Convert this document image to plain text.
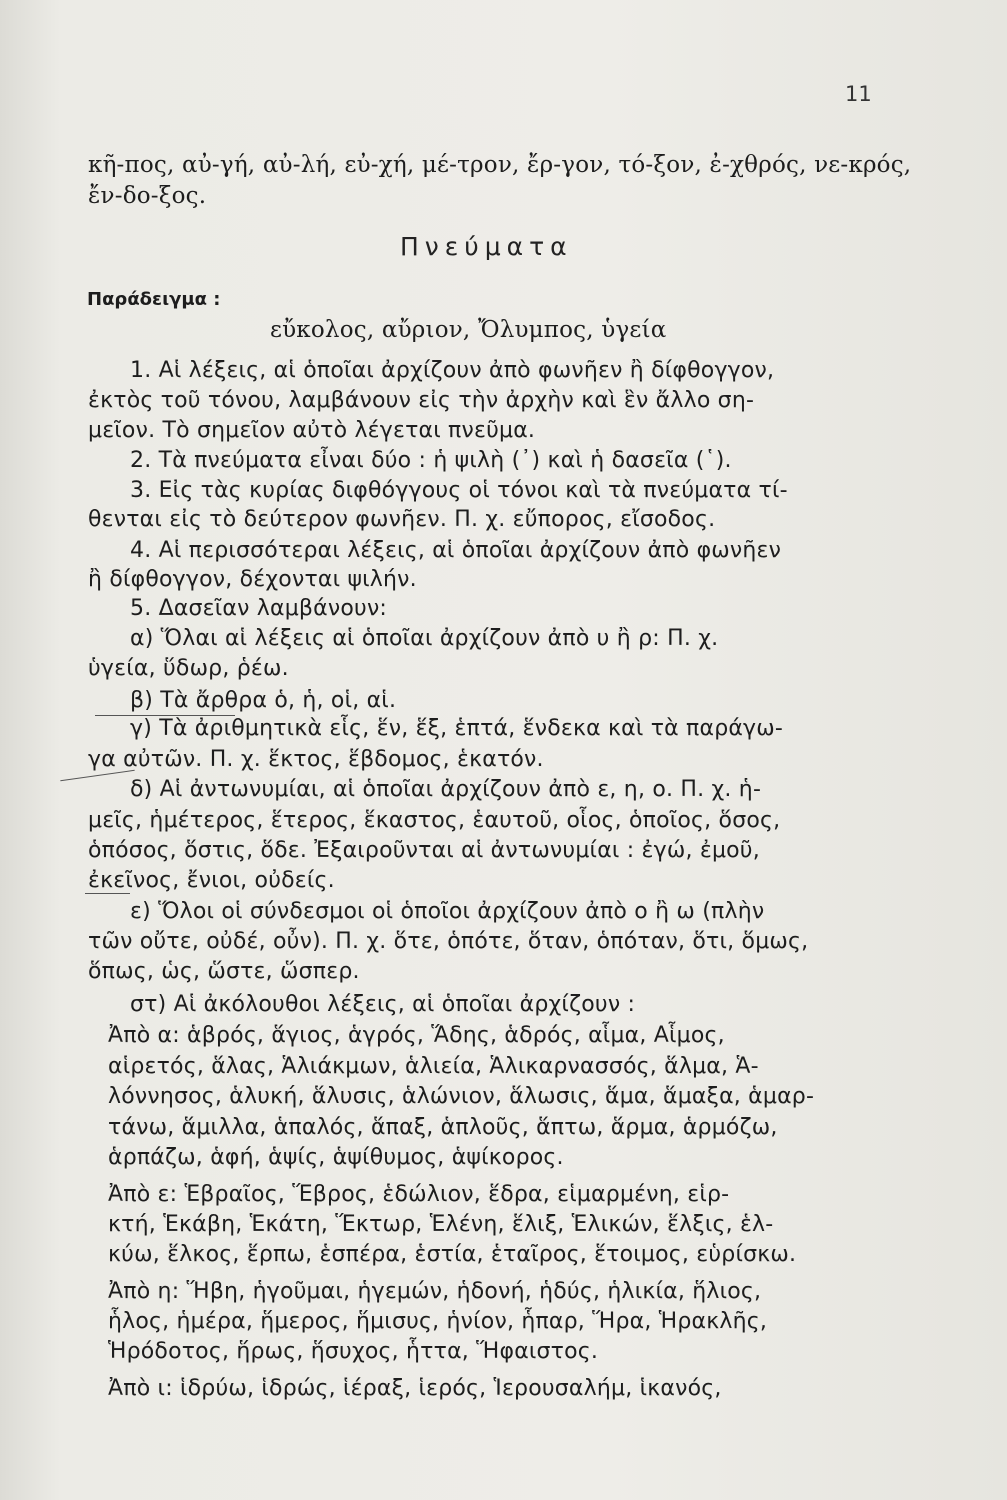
11
κῆ-πος, αὐ-γή, αὐ-λή, εὐ-χή, μέ-τρον, ἔρ-γον, τό-ξον, ἐ-χθρός, νε-κρός,
ἔν-δο-ξος.
Πνεύματα
Παράδειγμα :
εὔκολος, αὔριον, Ὄλυμπος, ὑγεία
1. Αἱ λέξεις, αἱ ὁποῖαι ἀρχίζουν ἀπὸ φωνῆεν ἢ δίφθογγον,
ἐκτὸς τοῦ τόνου, λαμβάνουν εἰς τὴν ἀρχὴν καὶ ἓν ἄλλο ση-
μεῖον. Τὸ σημεῖον αὐτὸ λέγεται πνεῦμα.
2. Τὰ πνεύματα εἶναι δύο : ἡ ψιλὴ (᾿) καὶ ἡ δασεῖα (῾).
3. Εἰς τὰς κυρίας διφθόγγους οἱ τόνοι καὶ τὰ πνεύματα τί-
θενται εἰς τὸ δεύτερον φωνῆεν. Π. χ. εὔπορος, εἴσοδος.
4. Αἱ περισσότεραι λέξεις, αἱ ὁποῖαι ἀρχίζουν ἀπὸ φωνῆεν
ἢ δίφθογγον, δέχονται ψιλήν.
5. Δασεῖαν λαμβάνουν:
α) Ὅλαι αἱ λέξεις αἱ ὁποῖαι ἀρχίζουν ἀπὸ υ ἢ ρ: Π. χ.
ὑγεία, ὕδωρ, ῥέω.
β) Τὰ ἄρθρα ὁ, ἡ, οἱ, αἱ.
γ) Τὰ ἀριθμητικὰ εἷς, ἕν, ἕξ, ἑπτά, ἕνδεκα καὶ τὰ παράγω-
γα αὐτῶν. Π. χ. ἕκτος, ἕβδομος, ἑκατόν.
δ) Αἱ ἀντωνυμίαι, αἱ ὁποῖαι ἀρχίζουν ἀπὸ ε, η, ο. Π. χ. ἡ-
μεῖς, ἡμέτερος, ἕτερος, ἕκαστος, ἑαυτοῦ, οἷος, ὁποῖος, ὅσος,
ὁπόσος, ὅστις, ὅδε. Ἐξαιροῦνται αἱ ἀντωνυμίαι : ἐγώ, ἐμοῦ,
ἐκεῖνος, ἔνιοι, οὐδείς.
ε) Ὅλοι οἱ σύνδεσμοι οἱ ὁποῖοι ἀρχίζουν ἀπὸ ο ἢ ω (πλὴν
τῶν οὔτε, οὐδέ, οὖν). Π. χ. ὅτε, ὁπότε, ὅταν, ὁπόταν, ὅτι, ὅμως,
ὅπως, ὡς, ὥστε, ὥσπερ.
στ) Αἱ ἀκόλουθοι λέξεις, αἱ ὁποῖαι ἀρχίζουν :
Ἀπὸ α: ἁβρός, ἅγιος, ἁγρός, Ἅδης, ἁδρός, αἷμα, Αἷμος,
αἱρετός, ἅλας, Ἁλιάκμων, ἁλιεία, Ἁλικαρνασσός, ἅλμα, Ἁ-
λόννησος, ἁλυκή, ἅλυσις, ἁλώνιον, ἅλωσις, ἅμα, ἅμαξα, ἁμαρ-
τάνω, ἅμιλλα, ἁπαλός, ἅπαξ, ἁπλοῦς, ἅπτω, ἅρμα, ἁρμόζω,
ἁρπάζω, ἁφή, ἁψίς, ἁψίθυμος, ἁψίκορος.
Ἀπὸ ε: Ἑβραῖος, Ἕβρος, ἑδώλιον, ἕδρα, εἱμαρμένη, εἱρ-
κτή, Ἑκάβη, Ἑκάτη, Ἕκτωρ, Ἑλένη, ἕλιξ, Ἑλικών, ἕλξις, ἑλ-
κύω, ἕλκος, ἕρπω, ἑσπέρα, ἑστία, ἑταῖρος, ἕτοιμος, εὑρίσκω.
Ἀπὸ η: Ἥβη, ἡγοῦμαι, ἡγεμών, ἡδονή, ἡδύς, ἡλικία, ἥλιος,
ἧλος, ἡμέρα, ἥμερος, ἥμισυς, ἡνίον, ἧπαρ, Ἥρα, Ἡρακλῆς,
Ἡρόδοτος, ἥρως, ἥσυχος, ἧττα, Ἥφαιστος.
Ἀπὸ ι: ἱδρύω, ἱδρώς, ἱέραξ, ἱερός, Ἱερουσαλήμ, ἱκανός,
